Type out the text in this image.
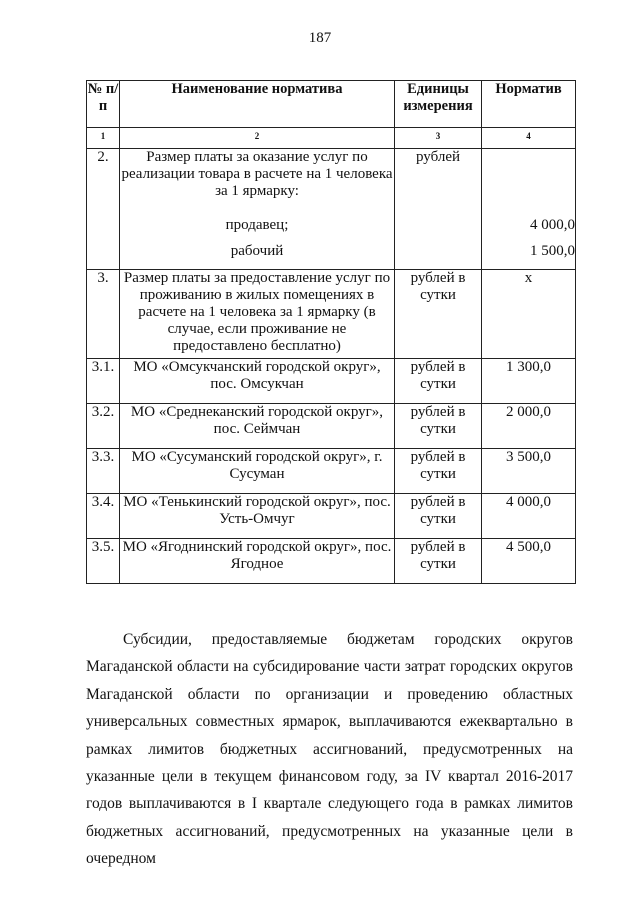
187
№ п/п	Наименование норматива	Единицы измерения	Норматив
1	2	3	4
2.	Размер платы за оказание услуг по реализации товара в расчете на 1 человека за 1 ярмарку:	рублей	
	продавец;		4 000,0
	рабочий		1 500,0
3.	Размер платы за предоставление услуг по проживанию в жилых помещениях в расчете на 1 человека за 1 ярмарку (в случае, если проживание не предоставлено бесплатно)	рублей в сутки	х
3.1.	МО «Омсукчанский городской округ», пос. Омсукчан	рублей в сутки	1 300,0
3.2.	МО «Среднеканский городской округ», пос. Сеймчан	рублей в сутки	2 000,0
3.3.	МО «Сусуманский городской округ», г. Сусуман	рублей в сутки	3 500,0
3.4.	МО «Тенькинский городской округ», пос. Усть-Омчуг	рублей в сутки	4 000,0
3.5.	МО «Ягоднинский городской округ», пос. Ягодное	рублей в сутки	4 500,0

Субсидии, предоставляемые бюджетам городских округов Магаданской области на субсидирование части затрат городских округов Магаданской области по организации и проведению областных универсальных совместных ярмарок, выплачиваются ежеквартально в рамках лимитов бюджетных ассигнований, предусмотренных на указанные цели в текущем финансовом году, за IV квартал 2016-2017 годов выплачиваются в I квартале следующего года в рамках лимитов бюджетных ассигнований, предусмотренных на указанные цели в очередном
